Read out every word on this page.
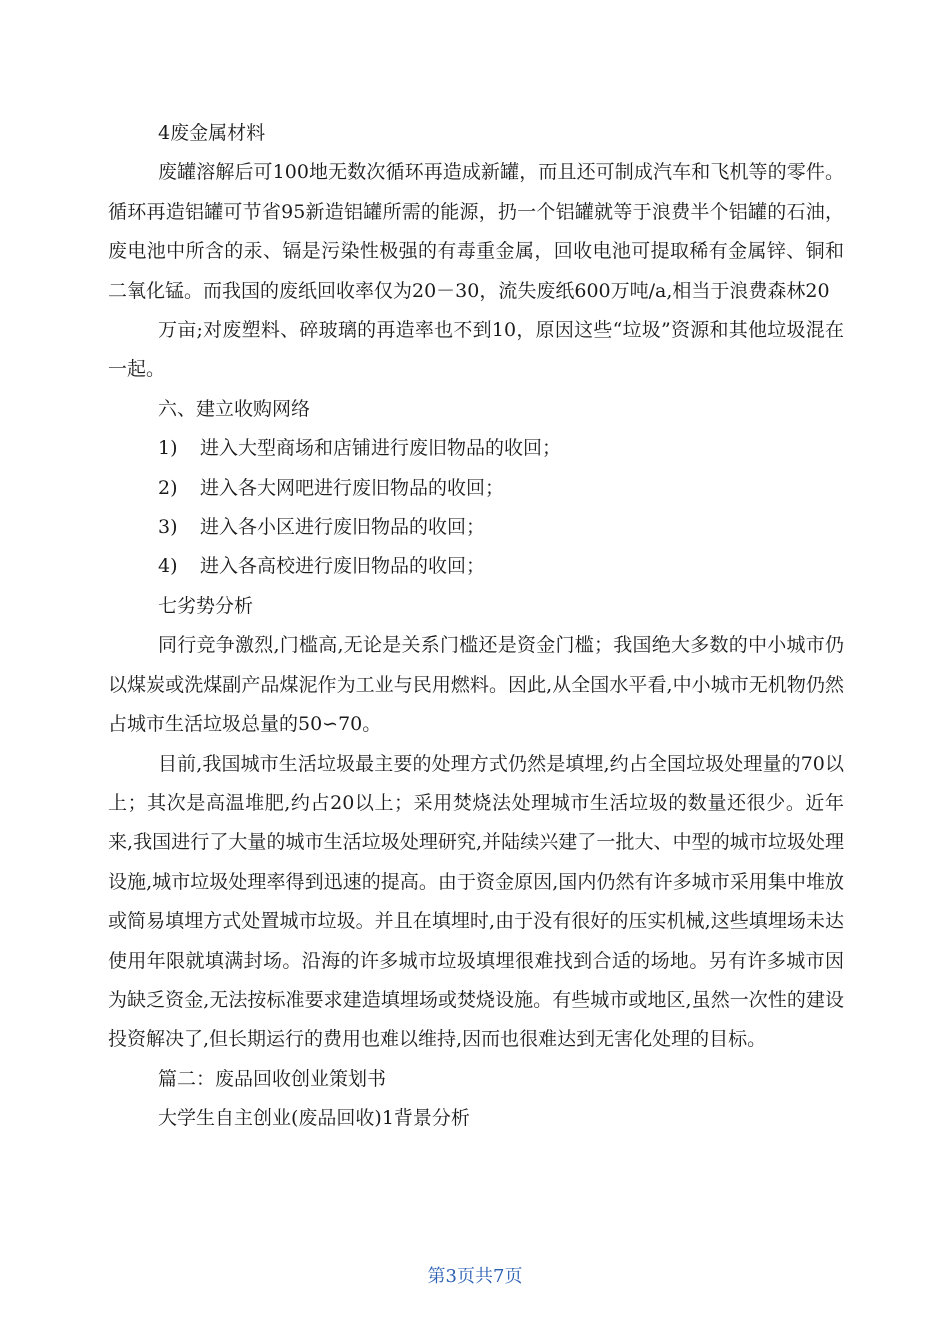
4废金属材料

废罐溶解后可100地无数次循环再造成新罐，而且还可制成汽车和飞机等的零件。循环再造铝罐可节省95新造铝罐所需的能源，扔一个铝罐就等于浪费半个铝罐的石油，废电池中所含的汞、镉是污染性极强的有毒重金属，回收电池可提取稀有金属锌、铜和二氧化锰。而我国的废纸回收率仅为20－30，流失废纸600万吨/a,相当于浪费森林20

万亩;对废塑料、碎玻璃的再造率也不到10，原因这些“垃圾”资源和其他垃圾混在一起。

六、建立收购网络

1) 进入大型商场和店铺进行废旧物品的收回；

2) 进入各大网吧进行废旧物品的收回；

3) 进入各小区进行废旧物品的收回；

4) 进入各高校进行废旧物品的收回；

七劣势分析

同行竞争激烈,门槛高,无论是关系门槛还是资金门槛；我国绝大多数的中小城市仍以煤炭或洗煤副产品煤泥作为工业与民用燃料。因此,从全国水平看,中小城市无机物仍然占城市生活垃圾总量的50∽70。

目前,我国城市生活垃圾最主要的处理方式仍然是填埋,约占全国垃圾处理量的70以上；其次是高温堆肥,约占20以上；采用焚烧法处理城市生活垃圾的数量还很少。近年来,我国进行了大量的城市生活垃圾处理研究,并陆续兴建了一批大、中型的城市垃圾处理设施,城市垃圾处理率得到迅速的提高。由于资金原因,国内仍然有许多城市采用集中堆放或简易填埋方式处置城市垃圾。并且在填埋时,由于没有很好的压实机械,这些填埋场未达使用年限就填满封场。沿海的许多城市垃圾填埋很难找到合适的场地。另有许多城市因为缺乏资金,无法按标准要求建造填埋场或焚烧设施。有些城市或地区,虽然一次性的建设投资解决了,但长期运行的费用也难以维持,因而也很难达到无害化处理的目标。

篇二：废品回收创业策划书

大学生自主创业(废品回收)1背景分析

第3页共7页
